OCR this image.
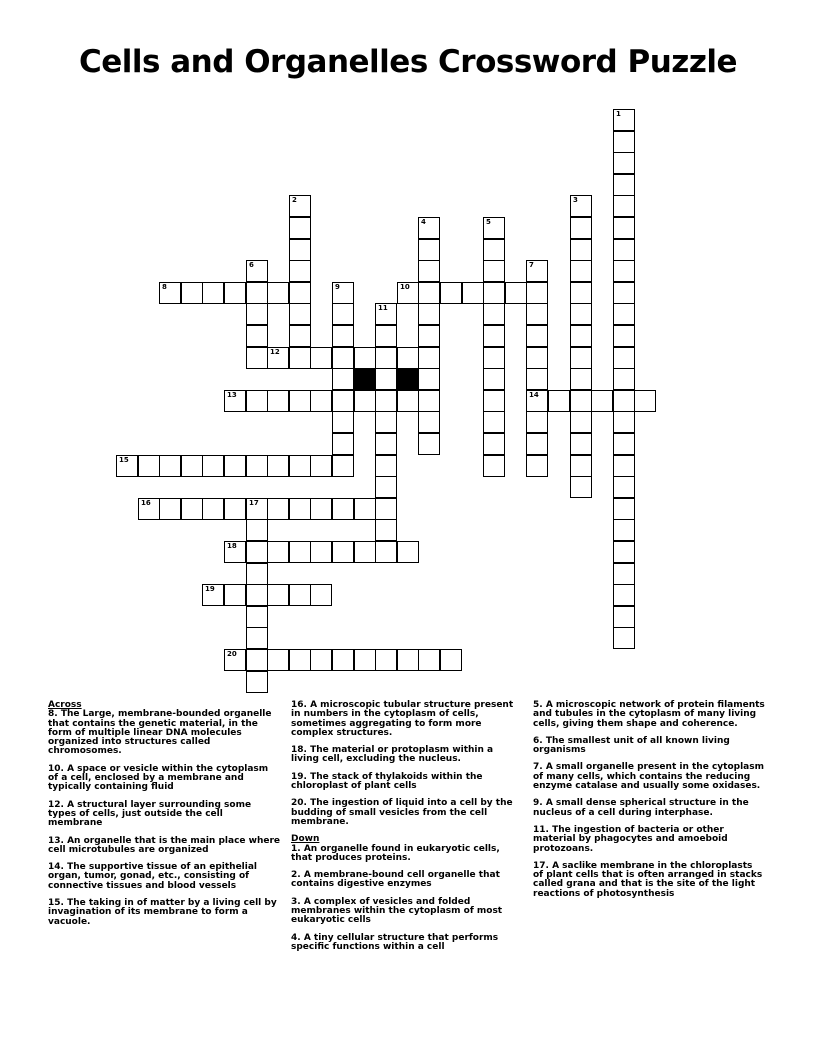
Cells and Organelles Crossword Puzzle
1
2	3
4	5
6	7
14
8	9	10
11
12
13
15
16	17
18
19
20
Across
8. The Large, membrane-bounded organelle that contains the genetic material, in the form of multiple linear DNA molecules organized into structures called chromosomes.
10. A space or vesicle within the cytoplasm of a cell, enclosed by a membrane and typically containing fluid
12. A structural layer surrounding some types of cells, just outside the cell membrane
13. An organelle that is the main place where cell microtubules are organized
14. The supportive tissue of an epithelial organ, tumor, gonad, etc., consisting of connective tissues and blood vessels
15. The taking in of matter by a living cell by invagination of its membrane to form a vacuole.
16. A microscopic tubular structure present in numbers in the cytoplasm of cells, sometimes aggregating to form more complex structures.
18. The material or protoplasm within a living cell, excluding the nucleus.
19. The stack of thylakoids within the chloroplast of plant cells
20. The ingestion of liquid into a cell by the budding of small vesicles from the cell membrane.
Down
1. An organelle found in eukaryotic cells, that produces proteins.
2. A membrane-bound cell organelle that contains digestive enzymes
3. A complex of vesicles and folded membranes within the cytoplasm of most eukaryotic cells
4. A tiny cellular structure that performs specific functions within a cell
5. A microscopic network of protein filaments and tubules in the cytoplasm of many living cells, giving them shape and coherence.
6. The smallest unit of all known living organisms
7. A small organelle present in the cytoplasm of many cells, which contains the reducing enzyme catalase and usually some oxidases.
9. A small dense spherical structure in the nucleus of a cell during interphase.
11. The ingestion of bacteria or other material by phagocytes and amoeboid protozoans.
17. A saclike membrane in the chloroplasts of plant cells that is often arranged in stacks called grana and that is the site of the light reactions of photosynthesis
